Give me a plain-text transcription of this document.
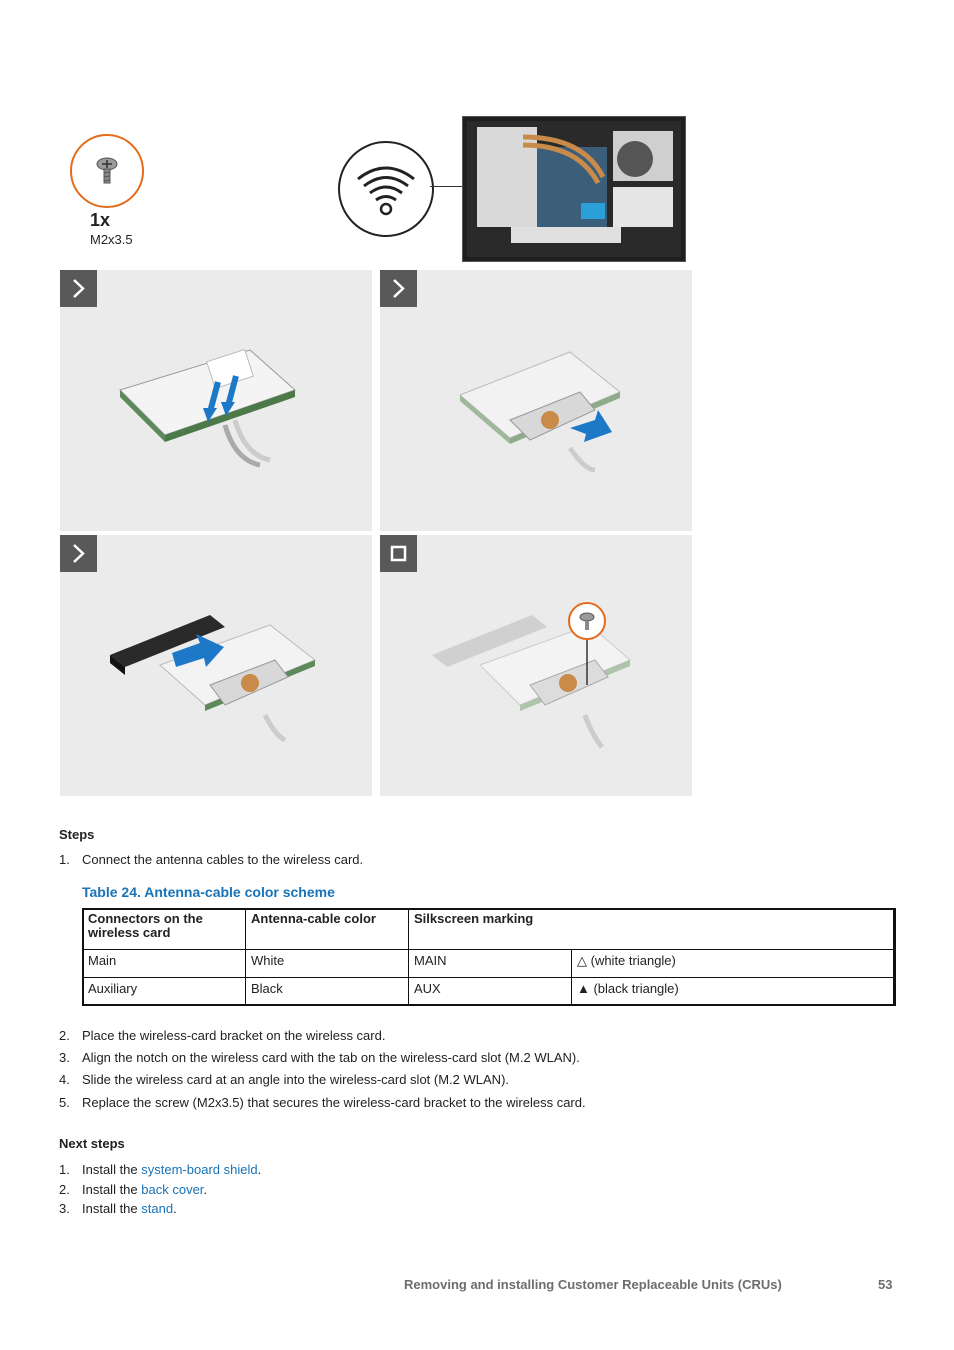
1x
M2x3.5
Steps
1. Connect the antenna cables to the wireless card.
Table 24. Antenna-cable color scheme
Connectors on the wireless card	Antenna-cable color	Silkscreen marking	
Main	White	MAIN	△ (white triangle)
Auxiliary	Black	AUX	▲ (black triangle)
2. Place the wireless-card bracket on the wireless card.
3. Align the notch on the wireless card with the tab on the wireless-card slot (M.2 WLAN).
4. Slide the wireless card at an angle into the wireless-card slot (M.2 WLAN).
5. Replace the screw (M2x3.5) that secures the wireless-card bracket to the wireless card.
Next steps
1. Install the system-board shield.
2. Install the back cover.
3. Install the stand.
Removing and installing Customer Replaceable Units (CRUs)	53
